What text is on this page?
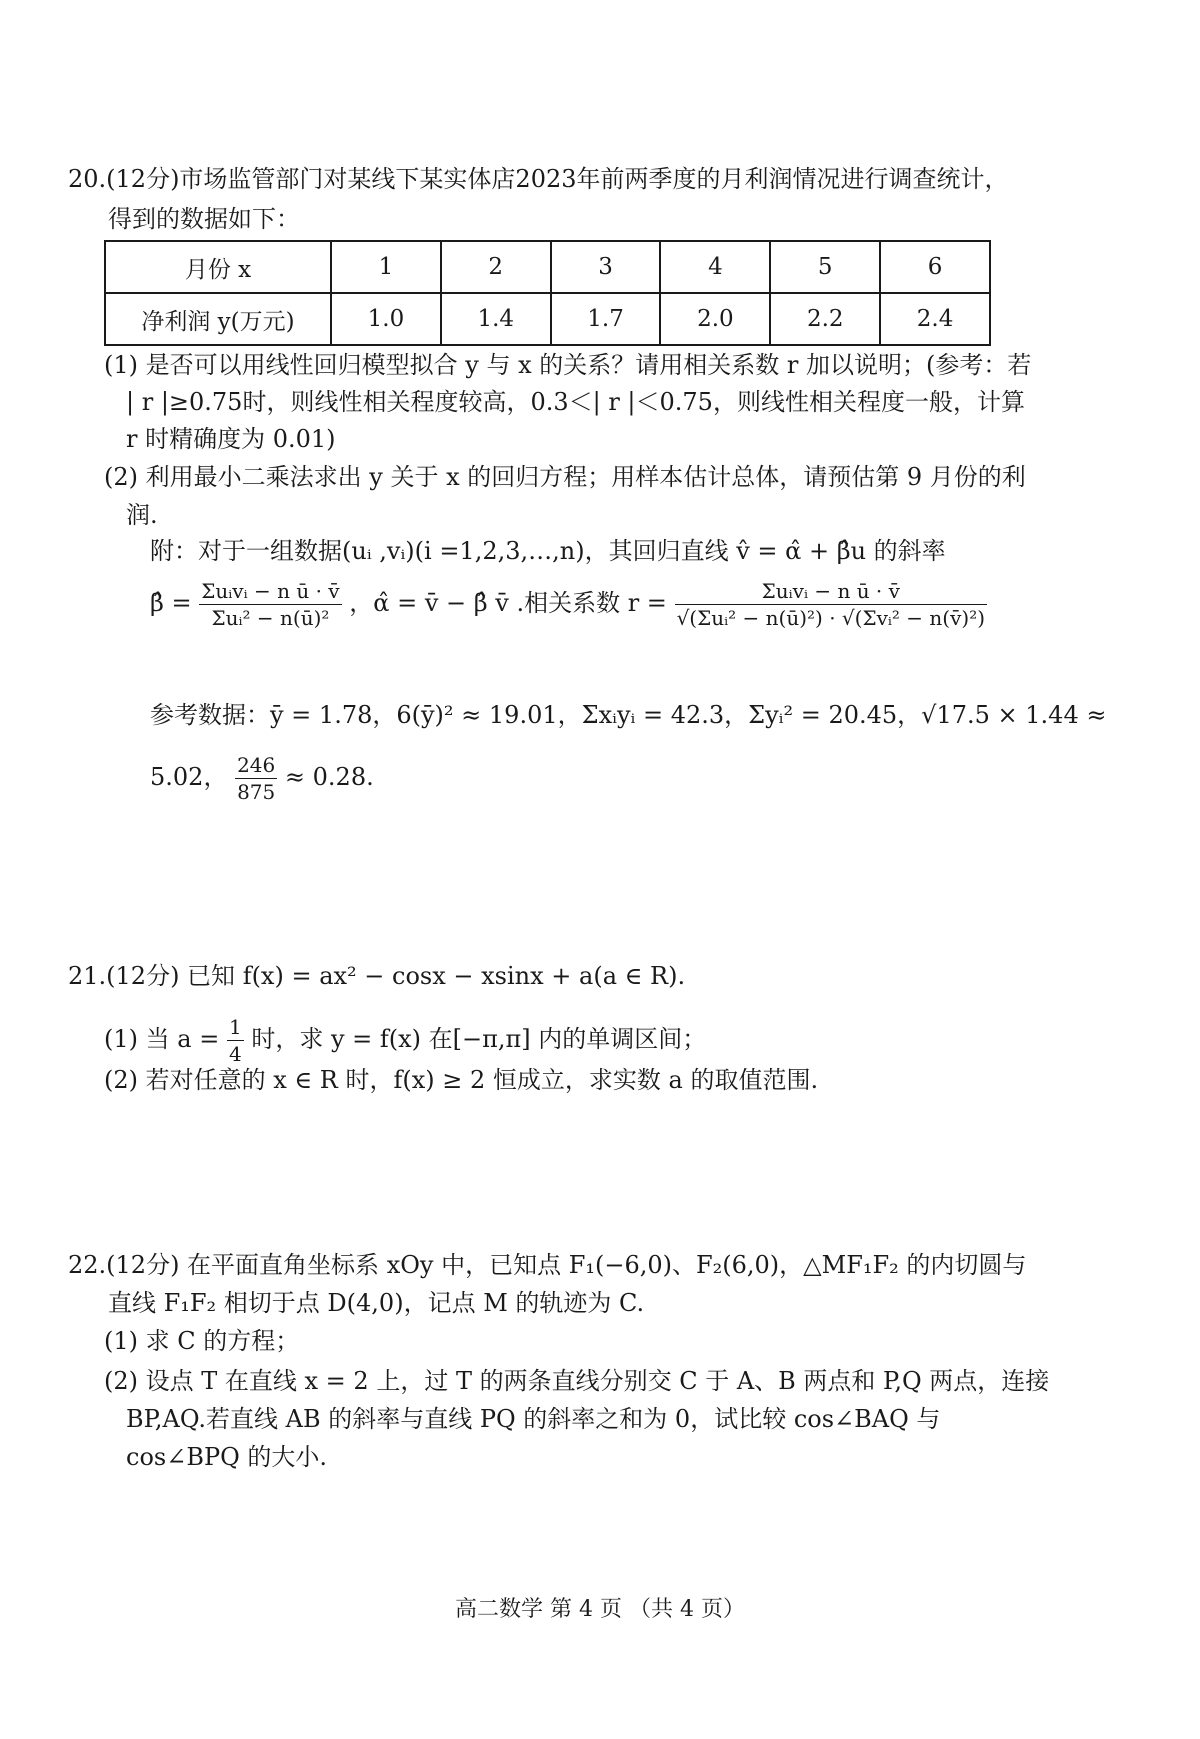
20.(12分)市场监管部门对某线下某实体店2023年前两季度的月利润情况进行调查统计，
得到的数据如下：
月份 x	1	2	3	4	5	6
净利润 y(万元)	1.0	1.4	1.7	2.0	2.2	2.4
(1) 是否可以用线性回归模型拟合 y 与 x 的关系？请用相关系数 r 加以说明；(参考：若
| r |≥0.75时，则线性相关程度较高，0.3＜| r |＜0.75，则线性相关程度一般，计算
r 时精确度为 0.01)
(2) 利用最小二乘法求出 y 关于 x 的回归方程；用样本估计总体，请预估第 9 月份的利
润.
附：对于一组数据(uᵢ ,vᵢ)(i =1,2,3,…,n)，其回归直线 v̂ = α̂ + β̂u 的斜率
β̂ = $\frac{\text{Σuᵢvᵢ − n ū · v̄}}{\text{Σuᵢ² − n(ū)²}}$ ，α̂ = v̄ − β̂ v̄ .相关系数 $r = \frac{\text{Σuᵢvᵢ − n ū · v̄}}{\text{√(Σuᵢ² − n(ū)²) · √(Σvᵢ² − n(v̄)²)}}$
参考数据：ȳ = 1.78，6(ȳ)² ≈ 19.01，Σxᵢyᵢ = 42.3，Σyᵢ² = 20.45，√17.5 × 1.44 ≈
5.02， $\frac{246}{875} \approx 0.28$.
21.(12分) 已知 f(x) = ax² − cosx − xsinx + a(a ∈ R).
(1) 当 $a = \frac{1}{4}$ 时，求 y = f(x) 在[−π,π] 内的单调区间；
(2) 若对任意的 x ∈ R 时，f(x) ≥ 2 恒成立，求实数 a 的取值范围.
22.(12分) 在平面直角坐标系 xOy 中，已知点 F₁(−6,0)、F₂(6,0)，△MF₁F₂ 的内切圆与
直线 F₁F₂ 相切于点 D(4,0)，记点 M 的轨迹为 C.
(1) 求 C 的方程；
(2) 设点 T 在直线 x = 2 上，过 T 的两条直线分别交 C 于 A、B 两点和 P,Q 两点，连接
BP,AQ.若直线 AB 的斜率与直线 PQ 的斜率之和为 0，试比较 cos∠BAQ 与
cos∠BPQ 的大小.
高二数学 第 4 页 （共 4 页）
